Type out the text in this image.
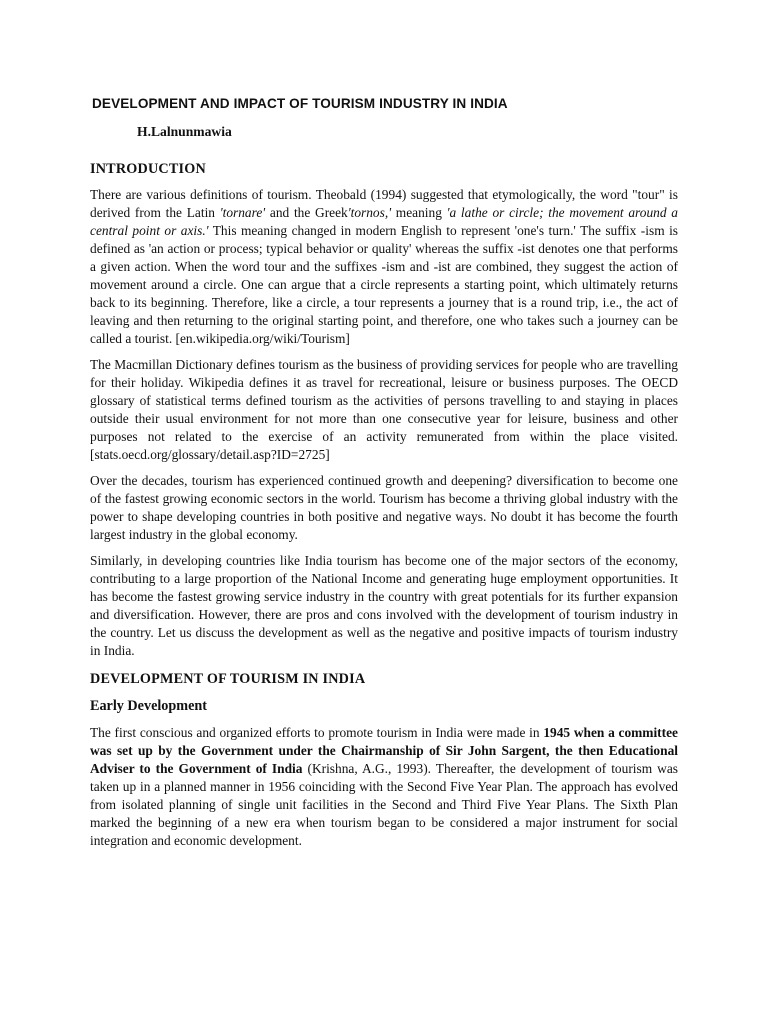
DEVELOPMENT AND IMPACT OF TOURISM INDUSTRY IN INDIA
H.Lalnunmawia
INTRODUCTION

There are various definitions of tourism. Theobald (1994) suggested that etymologically, the word "tour" is derived from the Latin 'tornare' and the Greek'tornos,' meaning 'a lathe or circle; the movement around a central point or axis.' This meaning changed in modern English to represent 'one's turn.' The suffix -ism is defined as 'an action or process; typical behavior or quality' whereas the suffix -ist denotes one that performs a given action. When the word tour and the suffixes -ism and -ist are combined, they suggest the action of movement around a circle. One can argue that a circle represents a starting point, which ultimately returns back to its beginning. Therefore, like a circle, a tour represents a journey that is a round trip, i.e., the act of leaving and then returning to the original starting point, and therefore, one who takes such a journey can be called a tourist. [en.wikipedia.org/wiki/Tourism]

The Macmillan Dictionary defines tourism as the business of providing services for people who are travelling for their holiday. Wikipedia defines it as travel for recreational, leisure or business purposes. The OECD glossary of statistical terms defined tourism as the activities of persons travelling to and staying in places outside their usual environment for not more than one consecutive year for leisure, business and other purposes not related to the exercise of an activity remunerated from within the place visited. [stats.oecd.org/glossary/detail.asp?ID=2725]

Over the decades, tourism has experienced continued growth and deepening? diversification to become one of the fastest growing economic sectors in the world. Tourism has become a thriving global industry with the power to shape developing countries in both positive and negative ways. No doubt it has become the fourth largest industry in the global economy.

Similarly, in developing countries like India tourism has become one of the major sectors of the economy, contributing to a large proportion of the National Income and generating huge employment opportunities. It has become the fastest growing service industry in the country with great potentials for its further expansion and diversification. However, there are pros and cons involved with the development of tourism industry in the country. Let us discuss the development as well as the negative and positive impacts of tourism industry in India.

DEVELOPMENT OF TOURISM IN INDIA
Early Development

The first conscious and organized efforts to promote tourism in India were made in 1945 when a committee was set up by the Government under the Chairmanship of Sir John Sargent, the then Educational Adviser to the Government of India (Krishna, A.G., 1993). Thereafter, the development of tourism was taken up in a planned manner in 1956 coinciding with the Second Five Year Plan. The approach has evolved from isolated planning of single unit facilities in the Second and Third Five Year Plans. The Sixth Plan marked the beginning of a new era when tourism began to be considered a major instrument for social integration and economic development.
